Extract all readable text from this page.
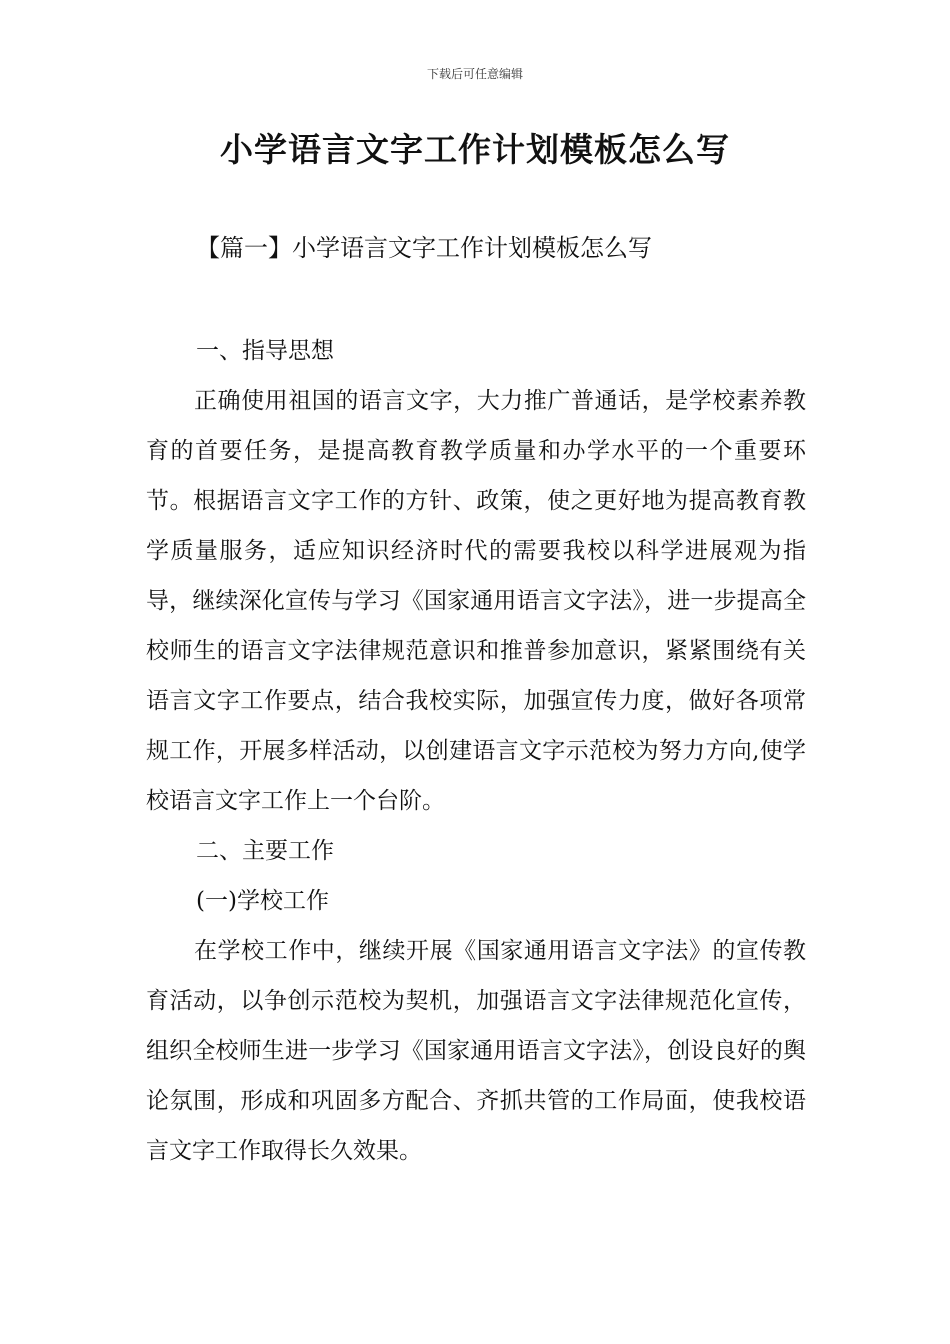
下载后可任意编辑
小学语言文字工作计划模板怎么写
【篇一】小学语言文字工作计划模板怎么写

一、指导思想

正确使用祖国的语言文字，大力推广普通话，是学校素养教育的首要任务，是提高教育教学质量和办学水平的一个重要环节。根据语言文字工作的方针、政策，使之更好地为提高教育教学质量服务，适应知识经济时代的需要我校以科学进展观为指导，继续深化宣传与学习《国家通用语言文字法》，进一步提高全校师生的语言文字法律规范意识和推普参加意识，紧紧围绕有关语言文字工作要点，结合我校实际，加强宣传力度，做好各项常规工作，开展多样活动，以创建语言文字示范校为努力方向,使学校语言文字工作上一个台阶。

二、主要工作

(一)学校工作

在学校工作中，继续开展《国家通用语言文字法》的宣传教育活动，以争创示范校为契机，加强语言文字法律规范化宣传，组织全校师生进一步学习《国家通用语言文字法》，创设良好的舆论氛围，形成和巩固多方配合、齐抓共管的工作局面，使我校语言文字工作取得长久效果。
